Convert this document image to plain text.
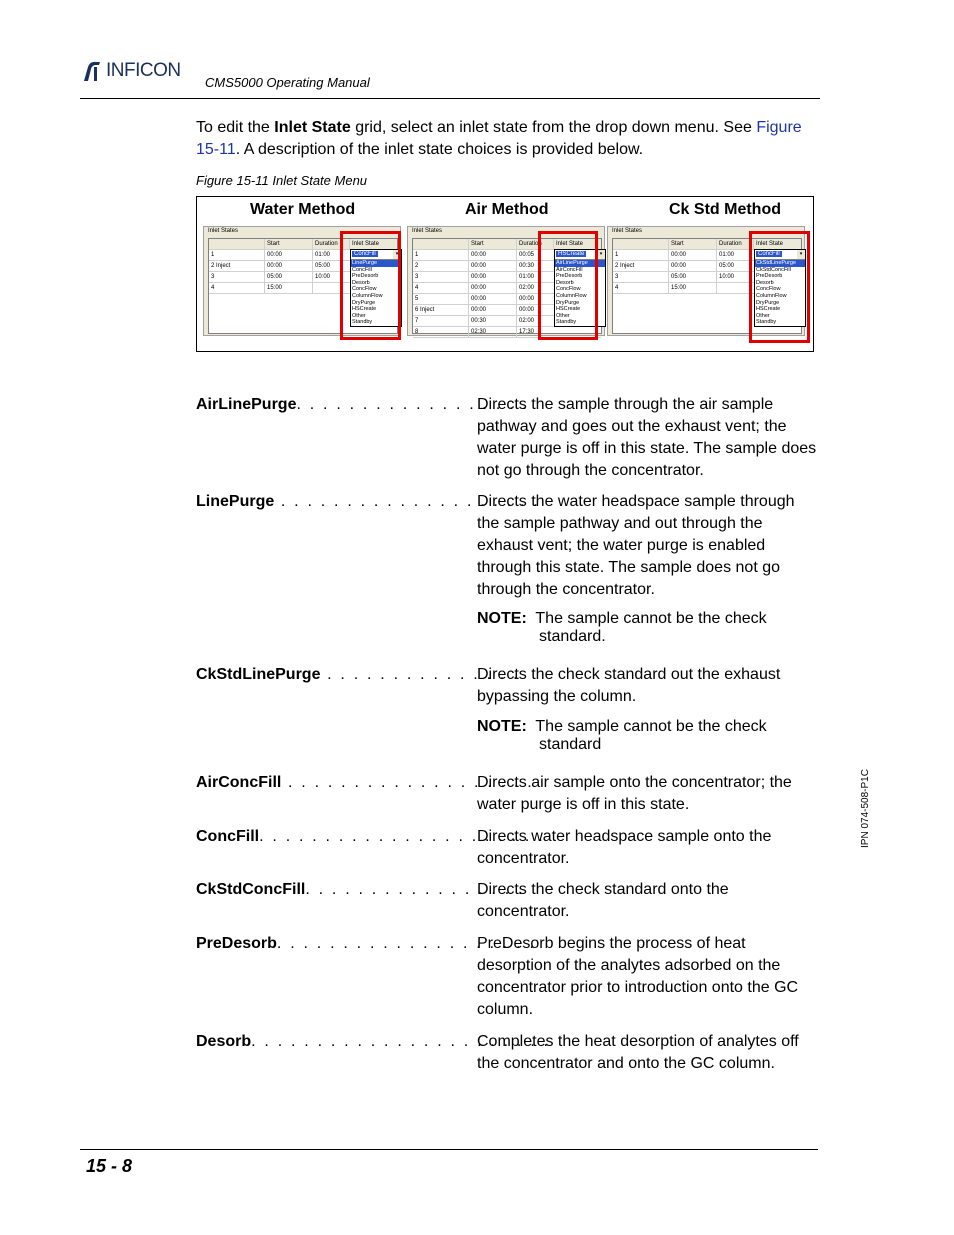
INFICON
CMS5000 Operating Manual

To edit the Inlet State grid, select an inlet state from the drop down menu. See Figure 15-11. A description of the inlet state choices is provided below.

Figure 15-11 Inlet State Menu
Water Method	Air Method	Ck Std Method
Inlet States
Start	Duration	Inlet State
1	00:00	01:00
2 Inject	00:00	05:00
3	05:00	10:00
4	15:00
ConcFill	▾
LinePurge
ConcFill
PreDesorb
Desorb
ConcFlow
ColumnFlow
DryPurge
HSCreate
Other
Standby
Inlet States
Start	Duration	Inlet State
1	00:00	00:05
2	00:00	00:30
3	00:00	01:00
4	00:00	02:00
5	00:00	00:00
6 Inject	00:00	00:00
7	00:30	02:00
8	02:30	17:30
HSCreate	▾
AirLinePurge
AirConcFill
PreDesorb
Desorb
ConcFlow
ColumnFlow
DryPurge
HSCreate
Other
Standby
Inlet States
Start	Duration	Inlet State
1	00:00	01:00
2 Inject	00:00	05:00
3	05:00	10:00
4	15:00
ConcFill	▾
CkStdLinePurge
CkStdConcFill
PreDesorb
Desorb
ConcFlow
ColumnFlow
DryPurge
HSCreate
Other
Standby
AirLinePurge. . . . . . . . . . . . . . . . . .
Directs the sample through the air sample pathway and goes out the exhaust vent; the water purge is off in this state. The sample does not go through the concentrator.
LinePurge . . . . . . . . . . . . . . . . . . . .
Directs the water headspace sample through the sample pathway and out through the exhaust vent; the water purge is enabled through this state. The sample does not go through the concentrator.
NOTE: The sample cannot be the check standard.
CkStdLinePurge . . . . . . . . . . . . . . .
Directs the check standard out the exhaust bypassing the column.
NOTE: The sample cannot be the check standard
AirConcFill . . . . . . . . . . . . . . . . . . .
Directs air sample onto the concentrator; the water purge is off in this state.
ConcFill. . . . . . . . . . . . . . . . . . . . . .
Directs water headspace sample onto the concentrator.
CkStdConcFill. . . . . . . . . . . . . . . . .
Directs the check standard onto the concentrator.
PreDesorb. . . . . . . . . . . . . . . . . . . .
PreDesorb begins the process of heat desorption of the analytes adsorbed on the concentrator prior to introduction onto the GC column.
Desorb. . . . . . . . . . . . . . . . . . . . . . .
Completes the heat desorption of analytes off the concentrator and onto the GC column.
IPN 074-508-P1C
15 - 8
